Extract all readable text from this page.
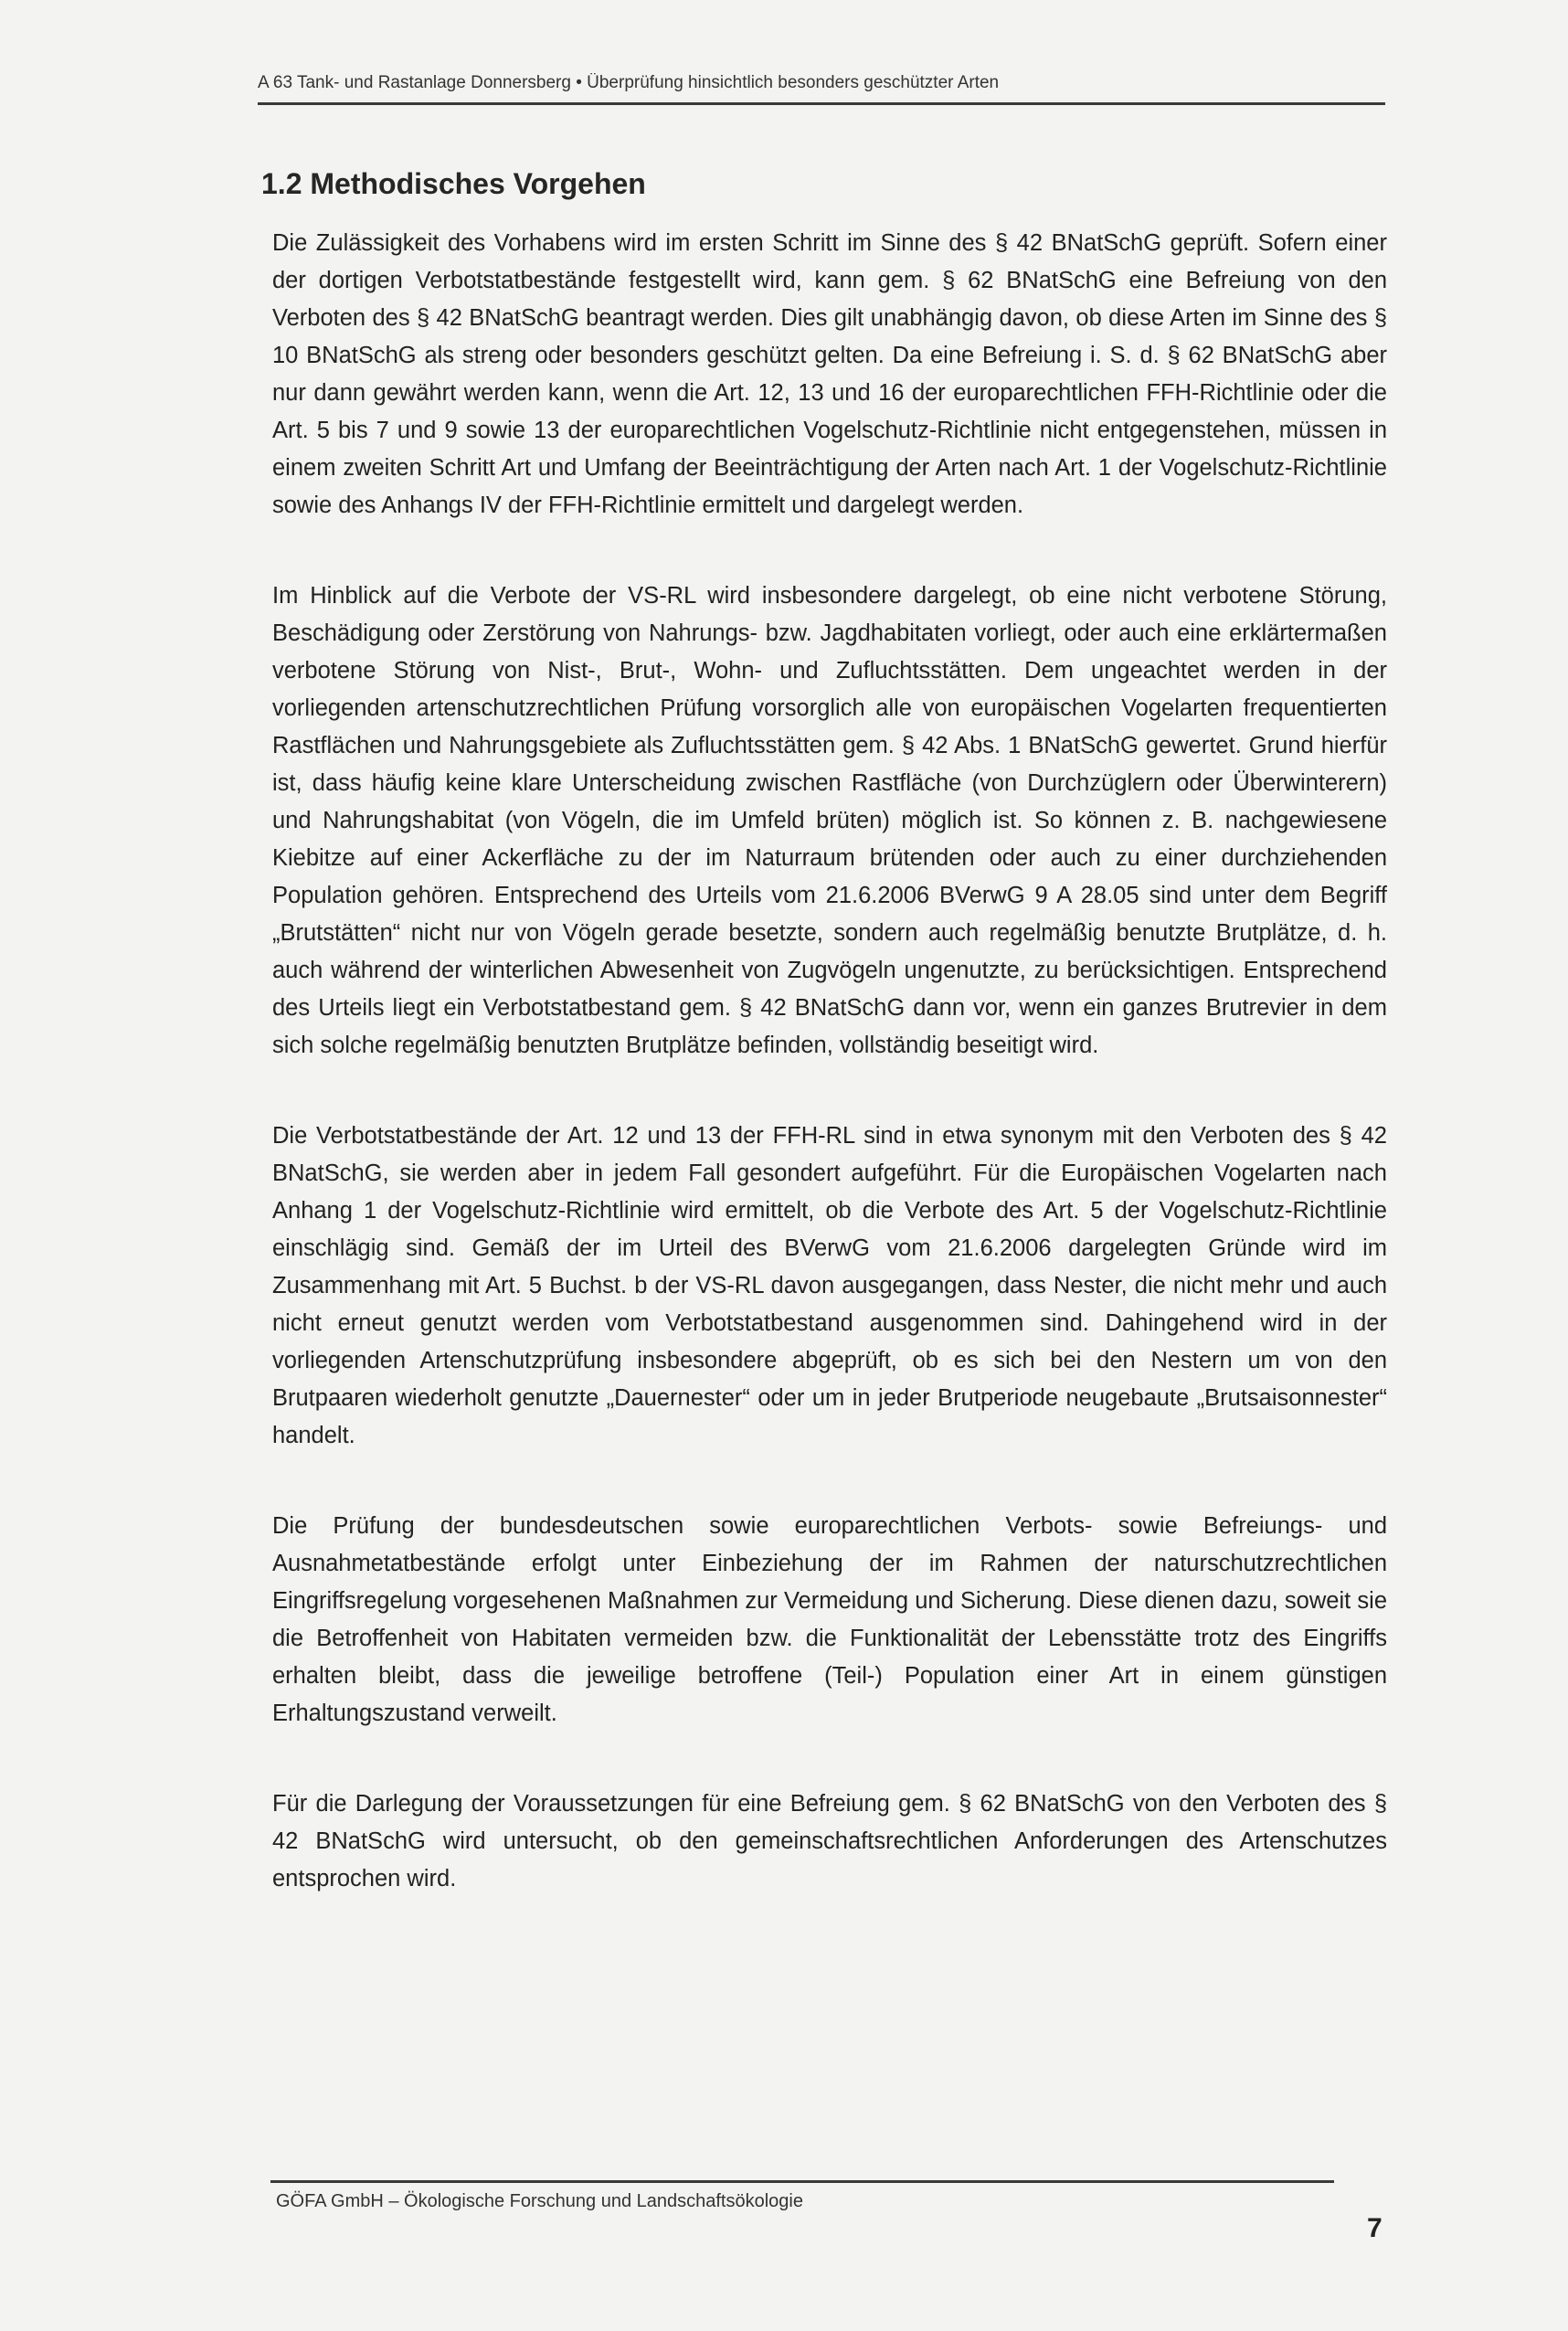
A 63 Tank- und Rastanlage Donnersberg • Überprüfung hinsichtlich besonders geschützter Arten
1.2 Methodisches Vorgehen

Die Zulässigkeit des Vorhabens wird im ersten Schritt im Sinne des § 42 BNatSchG geprüft. Sofern einer der dortigen Verbotstatbestände festgestellt wird, kann gem. § 62 BNatSchG eine Befreiung von den Verboten des § 42 BNatSchG beantragt werden. Dies gilt unabhängig davon, ob diese Arten im Sinne des § 10 BNatSchG als streng oder besonders geschützt gelten. Da eine Befreiung i. S. d. § 62 BNatSchG aber nur dann gewährt werden kann, wenn die Art. 12, 13 und 16 der europarechtlichen FFH-Richtlinie oder die Art. 5 bis 7 und 9 sowie 13 der europarechtlichen Vogelschutz-Richtlinie nicht entgegenstehen, müssen in einem zweiten Schritt Art und Umfang der Beeinträchtigung der Arten nach Art. 1 der Vogelschutz-Richtlinie sowie des Anhangs IV der FFH-Richtlinie ermittelt und dargelegt werden.

Im Hinblick auf die Verbote der VS-RL wird insbesondere dargelegt, ob eine nicht verbotene Störung, Beschädigung oder Zerstörung von Nahrungs- bzw. Jagdhabitaten vorliegt, oder auch eine erklärtermaßen verbotene Störung von Nist-, Brut-, Wohn- und Zufluchtsstätten. Dem ungeachtet werden in der vorliegenden artenschutzrechtlichen Prüfung vorsorglich alle von europäischen Vogelarten frequentierten Rastflächen und Nahrungsgebiete als Zufluchtsstätten gem. § 42 Abs. 1 BNatSchG gewertet. Grund hierfür ist, dass häufig keine klare Unterscheidung zwischen Rastfläche (von Durchzüglern oder Überwinterern) und Nahrungshabitat (von Vögeln, die im Umfeld brüten) möglich ist. So können z. B. nachgewiesene Kiebitze auf einer Ackerfläche zu der im Naturraum brütenden oder auch zu einer durchziehenden Population gehören. Entsprechend des Urteils vom 21.6.2006 BVerwG 9 A 28.05 sind unter dem Begriff „Brutstätten“ nicht nur von Vögeln gerade besetzte, sondern auch regelmäßig benutzte Brutplätze, d. h. auch während der winterlichen Abwesenheit von Zugvögeln ungenutzte, zu berücksichtigen. Entsprechend des Urteils liegt ein Verbotstatbestand gem. § 42 BNatSchG dann vor, wenn ein ganzes Brutrevier in dem sich solche regelmäßig benutzten Brutplätze befinden, vollständig beseitigt wird.

Die Verbotstatbestände der Art. 12 und 13 der FFH-RL sind in etwa synonym mit den Verboten des § 42 BNatSchG, sie werden aber in jedem Fall gesondert aufgeführt. Für die Europäischen Vogelarten nach Anhang 1 der Vogelschutz-Richtlinie wird ermittelt, ob die Verbote des Art. 5 der Vogelschutz-Richtlinie einschlägig sind. Gemäß der im Urteil des BVerwG vom 21.6.2006 dargelegten Gründe wird im Zusammenhang mit Art. 5 Buchst. b der VS-RL davon ausgegangen, dass Nester, die nicht mehr und auch nicht erneut genutzt werden vom Verbotstatbestand ausgenommen sind. Dahingehend wird in der vorliegenden Artenschutzprüfung insbesondere abgeprüft, ob es sich bei den Nestern um von den Brutpaaren wiederholt genutzte „Dauernester“ oder um in jeder Brutperiode neugebaute „Brutsaisonnester“ handelt.

Die Prüfung der bundesdeutschen sowie europarechtlichen Verbots- sowie Befreiungs- und Ausnahmetatbestände erfolgt unter Einbeziehung der im Rahmen der naturschutzrechtlichen Eingriffsregelung vorgesehenen Maßnahmen zur Vermeidung und Sicherung. Diese dienen dazu, soweit sie die Betroffenheit von Habitaten vermeiden bzw. die Funktionalität der Lebensstätte trotz des Eingriffs erhalten bleibt, dass die jeweilige betroffene (Teil-) Population einer Art in einem günstigen Erhaltungszustand verweilt.

Für die Darlegung der Voraussetzungen für eine Befreiung gem. § 62 BNatSchG von den Verboten des § 42 BNatSchG wird untersucht, ob den gemeinschaftsrechtlichen Anforderungen des Artenschutzes entsprochen wird.

GÖFA GmbH – Ökologische Forschung und Landschaftsökologie
7
